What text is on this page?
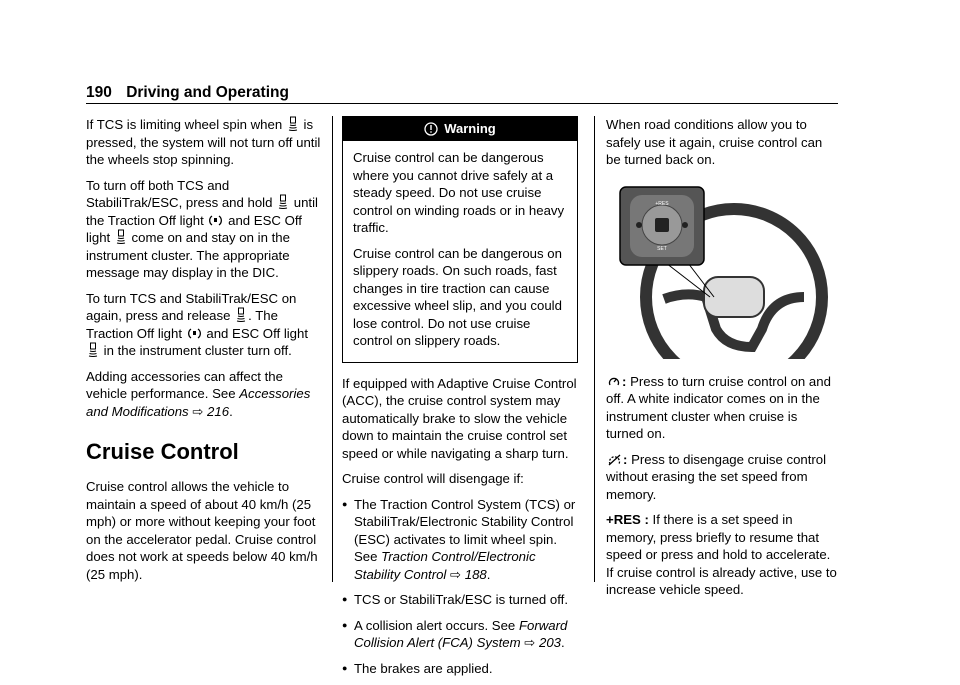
190 Driving and Operating

If TCS is limiting wheel spin when is pressed, the system will not turn off until the wheels stop spinning.

To turn off both TCS and StabiliTrak/ESC, press and hold until the Traction Off light and ESC Off light come on and stay on in the instrument cluster. The appropriate message may display in the DIC.

To turn TCS and StabiliTrak/ESC on again, press and release . The Traction Off light and ESC Off light  in the instrument cluster turn off.

Adding accessories can affect the vehicle performance. See Accessories and Modifications ⇨ 216.

Cruise Control

Cruise control allows the vehicle to maintain a speed of about 40 km/h (25 mph) or more without keeping your foot on the accelerator pedal. Cruise control does not work at speeds below 40 km/h (25 mph).

Warning

Cruise control can be dangerous where you cannot drive safely at a steady speed. Do not use cruise control on winding roads or in heavy traffic.

Cruise control can be dangerous on slippery roads. On such roads, fast changes in tire traction can cause excessive wheel slip, and you could lose control. Do not use cruise control on slippery roads.

If equipped with Adaptive Cruise Control (ACC), the cruise control system may automatically brake to slow the vehicle down to maintain the cruise control set speed or while navigating a sharp turn.

Cruise control will disengage if:

● The Traction Control System (TCS) or StabiliTrak/Electronic Stability Control (ESC) activates to limit wheel spin. See Traction Control/Electronic Stability Control ⇨ 188.
● TCS or StabiliTrak/ESC is turned off.
● A collision alert occurs. See Forward Collision Alert (FCA) System ⇨ 203.
● The brakes are applied.

When road conditions allow you to safely use it again, cruise control can be turned back on.

+RES
SET

: Press to turn cruise control on and off. A white indicator comes on in the instrument cluster when cruise is turned on.

: Press to disengage cruise control without erasing the set speed from memory.

+RES : If there is a set speed in memory, press briefly to resume that speed or press and hold to accelerate. If cruise control is already active, use to increase vehicle speed.
